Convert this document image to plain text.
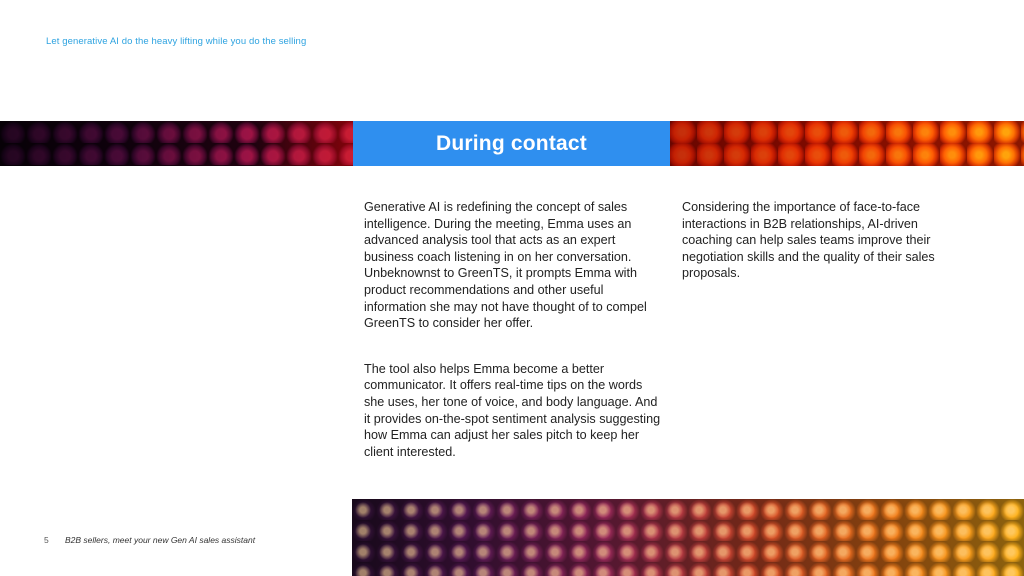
Let generative AI do the heavy lifting while you do the selling
During contact

Generative AI is redefining the concept of sales intelligence. During the meeting, Emma uses an advanced analysis tool that acts as an expert business coach listening in on her conversation. Unbeknownst to GreenTS, it prompts Emma with product recommendations and other useful information she may not have thought of to compel GreenTS to consider her offer.

The tool also helps Emma become a better communicator. It offers real-time tips on the words she uses, her tone of voice, and body language. And it provides on-the-spot sentiment analysis suggesting how Emma can adjust her sales pitch to keep her client interested.

Considering the importance of face-to-face interactions in B2B relationships, AI-driven coaching can help sales teams improve their negotiation skills and the quality of their sales proposals.

5 B2B sellers, meet your new Gen AI sales assistant
